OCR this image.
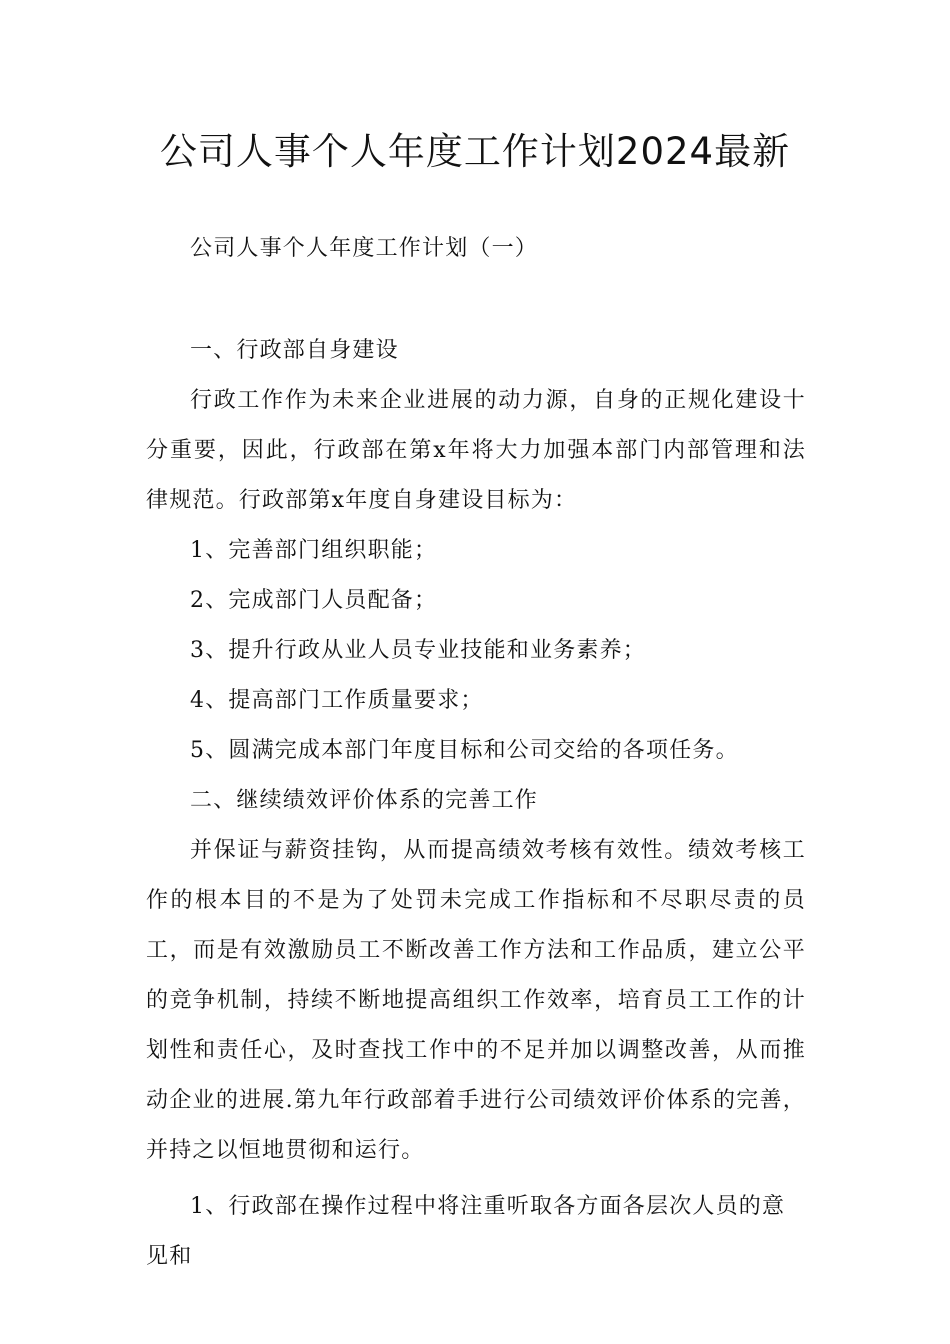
公司人事个人年度工作计划2024最新

公司人事个人年度工作计划（一）

一、行政部自身建设

行政工作作为未来企业进展的动力源，自身的正规化建设十分重要，因此，行政部在第x年将大力加强本部门内部管理和法律规范。行政部第x年度自身建设目标为：

1、完善部门组织职能；

2、完成部门人员配备；

3、提升行政从业人员专业技能和业务素养；

4、提高部门工作质量要求；

5、圆满完成本部门年度目标和公司交给的各项任务。

二、继续绩效评价体系的完善工作

并保证与薪资挂钩，从而提高绩效考核有效性。绩效考核工作的根本目的不是为了处罚未完成工作指标和不尽职尽责的员工，而是有效激励员工不断改善工作方法和工作品质，建立公平的竞争机制，持续不断地提高组织工作效率，培育员工工作的计划性和责任心，及时查找工作中的不足并加以调整改善，从而推动企业的进展.第九年行政部着手进行公司绩效评价体系的完善，并持之以恒地贯彻和运行。

1、行政部在操作过程中将注重听取各方面各层次人员的意见和
